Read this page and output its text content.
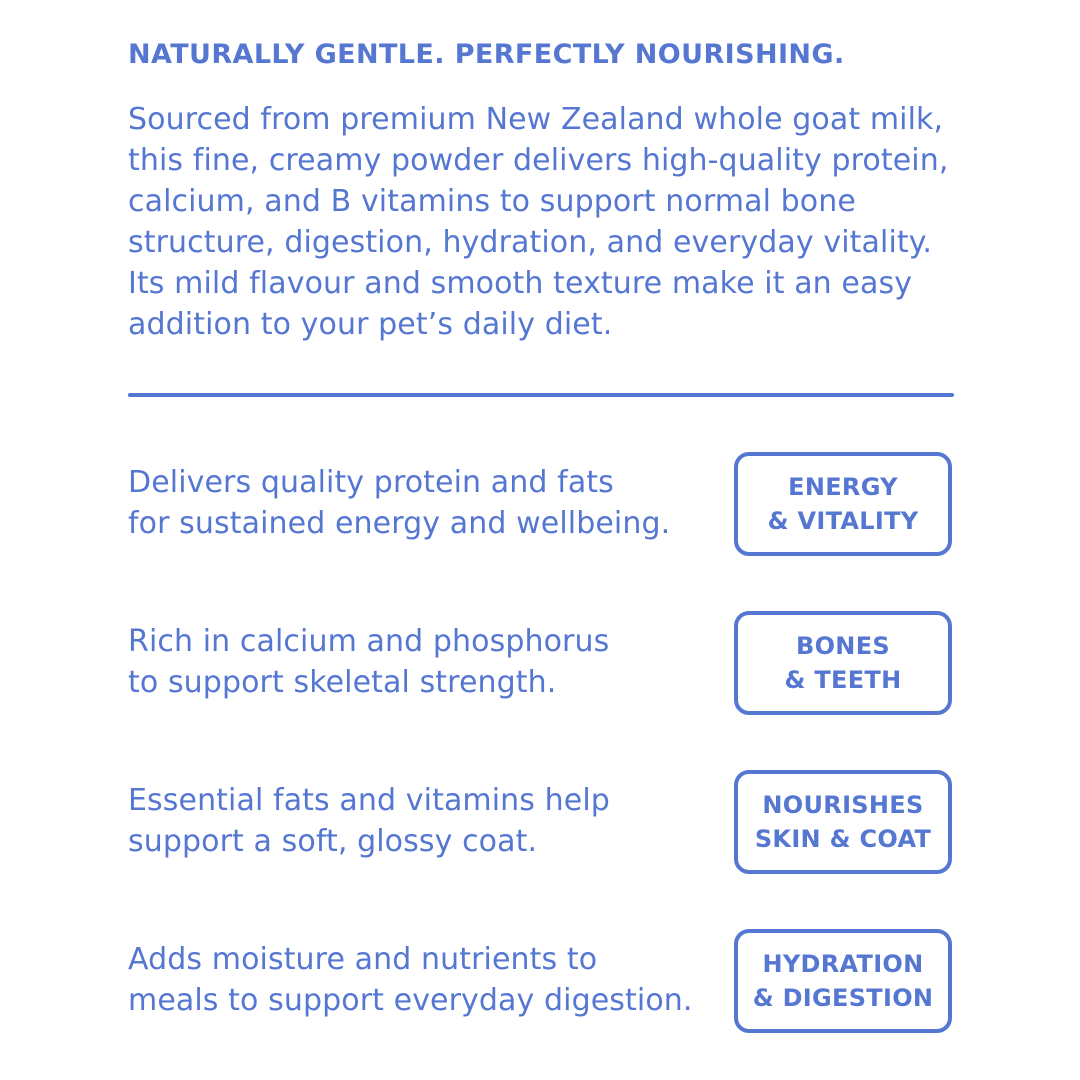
NATURALLY GENTLE. PERFECTLY NOURISHING.
Sourced from premium New Zealand whole goat milk, this fine, creamy powder delivers high-quality protein, calcium, and B vitamins to support normal bone structure, digestion, hydration, and everyday vitality. Its mild flavour and smooth texture make it an easy addition to your pet’s daily diet.
Delivers quality protein and fats
for sustained energy and wellbeing.
ENERGY
& VITALITY
Rich in calcium and phosphorus
to support skeletal strength.
BONES
& TEETH
Essential fats and vitamins help
support a soft, glossy coat.
NOURISHES
SKIN & COAT
Adds moisture and nutrients to
meals to support everyday digestion.
HYDRATION
& DIGESTION
